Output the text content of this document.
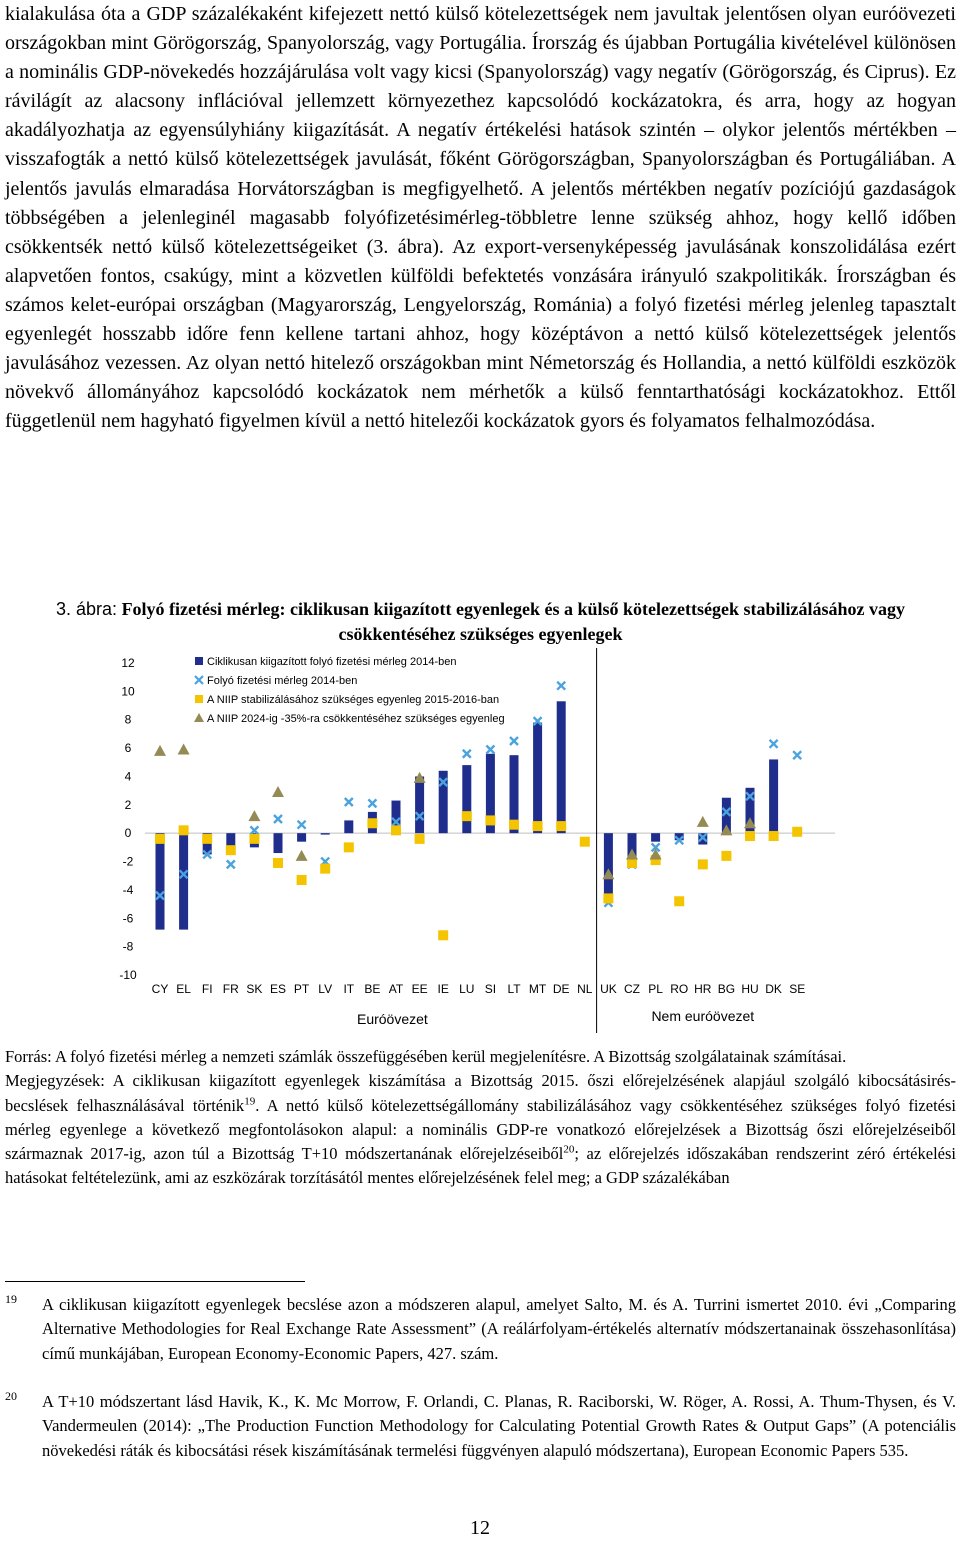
kialakulása óta a GDP százalékaként kifejezett nettó külső kötelezettségek nem javultak jelentősen olyan euróövezeti országokban mint Görögország, Spanyolország, vagy Portugália. Írország és újabban Portugália kivételével különösen a nominális GDP-növekedés hozzájárulása volt vagy kicsi (Spanyolország) vagy negatív (Görögország, és Ciprus). Ez rávilágít az alacsony inflációval jellemzett környezethez kapcsolódó kockázatokra, és arra, hogy az hogyan akadályozhatja az egyensúlyhiány kiigazítását. A negatív értékelési hatások szintén – olykor jelentős mértékben – visszafogták a nettó külső kötelezettségek javulását, főként Görögországban, Spanyolországban és Portugáliában. A jelentős javulás elmaradása Horvátországban is megfigyelhető. A jelentős mértékben negatív pozíciójú gazdaságok többségében a jelenleginél magasabb folyófizetésimérleg-többletre lenne szükség ahhoz, hogy kellő időben csökkentsék nettó külső kötelezettségeiket (3. ábra). Az export-versenyképesség javulásának konszolidálása ezért alapvetően fontos, csakúgy, mint a közvetlen külföldi befektetés vonzására irányuló szakpolitikák. Írországban és számos kelet-európai országban (Magyarország, Lengyelország, Románia) a folyó fizetési mérleg jelenleg tapasztalt egyenlegét hosszabb időre fenn kellene tartani ahhoz, hogy középtávon a nettó külső kötelezettségek jelentős javulásához vezessen. Az olyan nettó hitelező országokban mint Németország és Hollandia, a nettó külföldi eszközök növekvő állományához kapcsolódó kockázatok nem mérhetők a külső fenntarthatósági kockázatokhoz. Ettől függetlenül nem hagyható figyelmen kívül a nettó hitelezői kockázatok gyors és folyamatos felhalmozódása.

3. ábra: Folyó fizetési mérleg: ciklikusan kiigazított egyenlegek és a külső kötelezettségek stabilizálásához vagy csökkentéséhez szükséges egyenlegek
12
10
8
6
4
2
0
-2
-4
-6
-8
-10
Ciklikusan kiigazított folyó fizetési mérleg 2014-ben
Folyó fizetési mérleg 2014-ben
A NIIP stabilizálásához szükséges egyenleg 2015-2016-ban
A NIIP 2024-ig -35%-ra csökkentéséhez szükséges egyenleg
CY EL FI FR SK ES PT LV IT BE AT EE IE LU SI LT MT DE NL UK CZ PL RO HR BG HU DK SE
Euróövezet	Nem euróövezet

Forrás: A folyó fizetési mérleg a nemzeti számlák összefüggésében kerül megjelenítésre. A Bizottság szolgálatainak számításai.

Megjegyzések: A ciklikusan kiigazított egyenlegek kiszámítása a Bizottság 2015. őszi előrejelzésének alapjául szolgáló kibocsátásirés-becslések felhasználásával történik$^{19}$. A nettó külső kötelezettségállomány stabilizálásához vagy csökkentéséhez szükséges folyó fizetési mérleg egyenlege a következő megfontolásokon alapul: a nominális GDP-re vonatkozó előrejelzések a Bizottság őszi előrejelzéseiből származnak 2017-ig, azon túl a Bizottság T+10 módszertanának előrejelzéseiből$^{20}$; az előrejelzés időszakában rendszerint zéró értékelési hatásokat feltételezünk, ami az eszközárak torzításától mentes előrejelzésének felel meg; a GDP százalékában

19 A ciklikusan kiigazított egyenlegek becslése azon a módszeren alapul, amelyet Salto, M. és A. Turrini ismertet 2010. évi „Comparing Alternative Methodologies for Real Exchange Rate Assessment” (A reálárfolyam-értékelés alternatív módszertanainak összehasonlítása) című munkájában, European Economy-Economic Papers, 427. szám.

20 A T+10 módszertant lásd Havik, K., K. Mc Morrow, F. Orlandi, C. Planas, R. Raciborski, W. Röger, A. Rossi, A. Thum-Thysen, és V. Vandermeulen (2014): „The Production Function Methodology for Calculating Potential Growth Rates & Output Gaps” (A potenciális növekedési ráták és kibocsátási rések kiszámításának termelési függvényen alapuló módszertana), European Economic Papers 535.

12
